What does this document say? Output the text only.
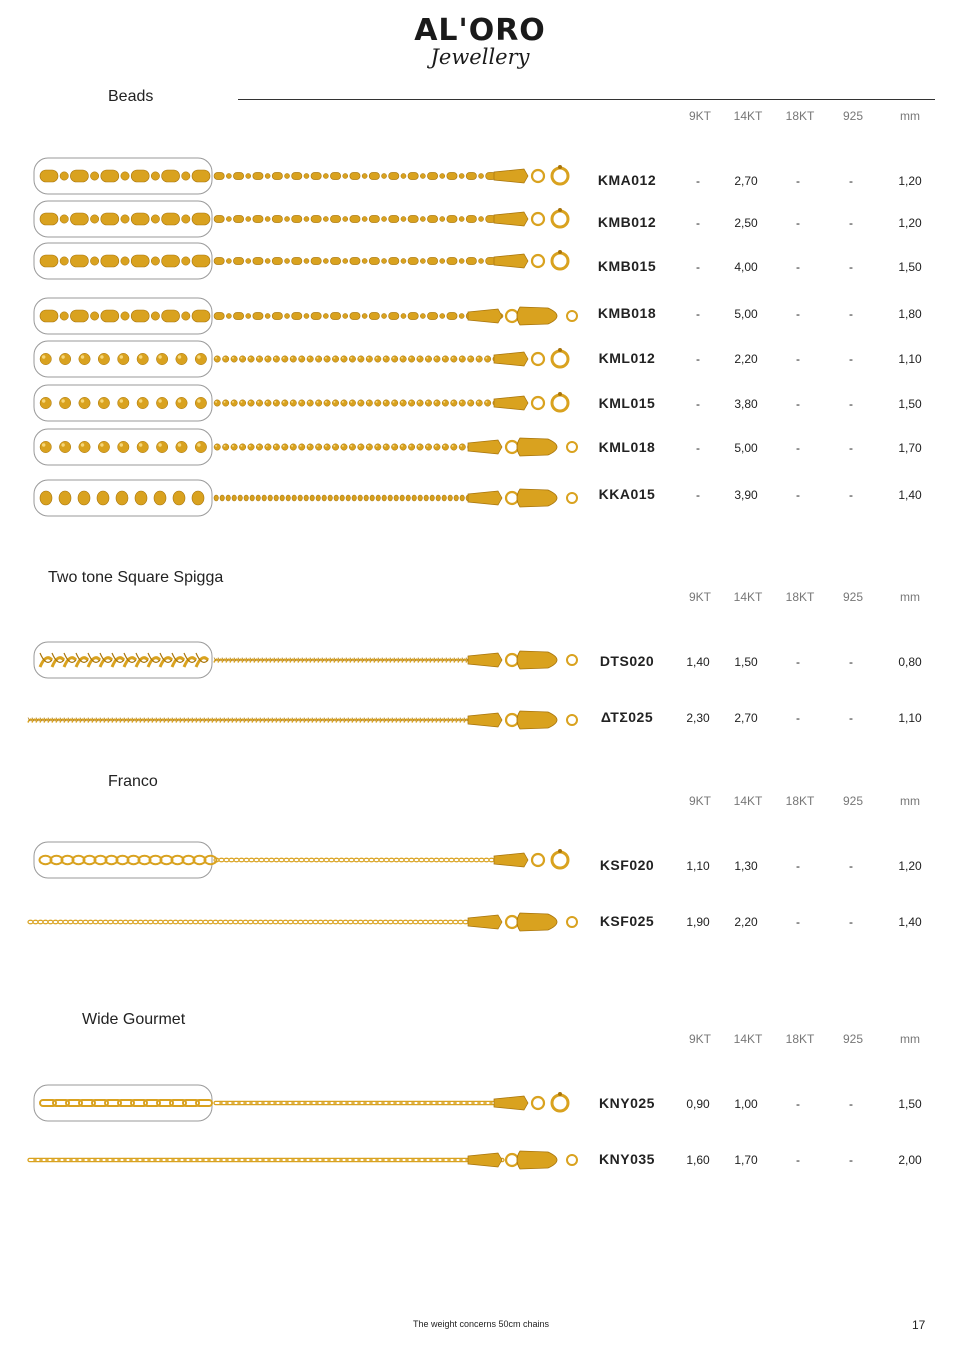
AL'ORO
Jewellery
Beads
9KT	14KT	18KT	925	mm
KMA012	-	2,70	-	-	1,20
KMB012	-	2,50	-	-	1,20
KMB015	-	4,00	-	-	1,50
KMB018	-	5,00	-	-	1,80
KML012	-	2,20	-	-	1,10
KML015	-	3,80	-	-	1,50
KML018	-	5,00	-	-	1,70
KKA015	-	3,90	-	-	1,40
Two tone Square Spigga
9KT	14KT	18KT	925	mm
DTS020	1,40	1,50	-	-	0,80
ΔΤΣ025	2,30	2,70	-	-	1,10
Franco
9KT	14KT	18KT	925	mm
KSF020	1,10	1,30	-	-	1,20
KSF025	1,90	2,20	-	-	1,40
Wide Gourmet
9KT	14KT	18KT	925	mm
KNY025	0,90	1,00	-	-	1,50
KNY035	1,60	1,70	-	-	2,00
The weight concerns 50cm chains	17
